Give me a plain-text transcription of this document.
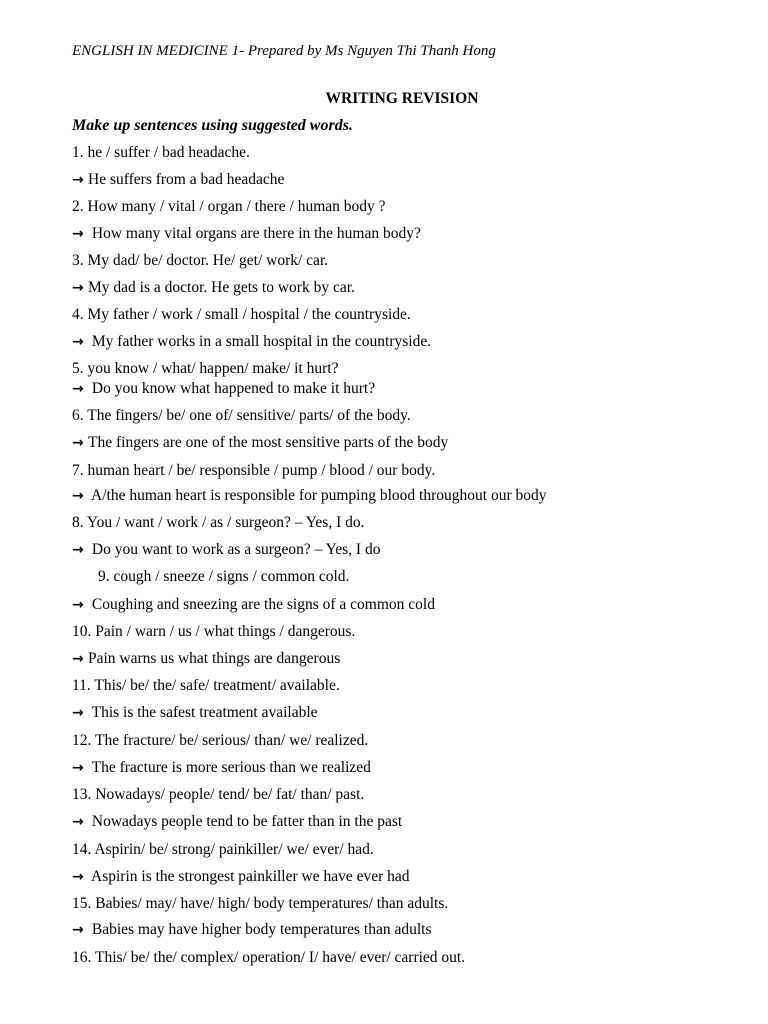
ENGLISH IN MEDICINE 1- Prepared by Ms Nguyen Thi Thanh Hong
WRITING REVISION
Make up sentences using suggested words.
1. he / suffer / bad headache.
→ He suffers from a bad headache
2. How many / vital / organ / there / human body ?
→ How many vital organs are there in the human body?
3. My dad/ be/ doctor. He/ get/ work/ car.
→ My dad is a doctor. He gets to work by car.
4. My father / work / small / hospital / the countryside.
→ My father works in a small hospital in the countryside.
5. you know / what/ happen/ make/ it hurt?
→ Do you know what happened to make it hurt?
6. The fingers/ be/ one of/ sensitive/ parts/ of the body.
→ The fingers are one of the most sensitive parts of the body
7. human heart / be/ responsible / pump / blood / our body.
→ A/the human heart is responsible for pumping blood throughout our body
8. You / want / work / as / surgeon? – Yes, I do.
→ Do you want to work as a surgeon? – Yes, I do
9. cough / sneeze / signs / common cold.
→ Coughing and sneezing are the signs of a common cold
10. Pain / warn / us / what things / dangerous.
→ Pain warns us what things are dangerous
11. This/ be/ the/ safe/ treatment/ available.
→ This is the safest treatment available
12. The fracture/ be/ serious/ than/ we/ realized.
→ The fracture is more serious than we realized
13. Nowadays/ people/ tend/ be/ fat/ than/ past.
→ Nowadays people tend to be fatter than in the past
14. Aspirin/ be/ strong/ painkiller/ we/ ever/ had.
→ Aspirin is the strongest painkiller we have ever had
15. Babies/ may/ have/ high/ body temperatures/ than adults.
→ Babies may have higher body temperatures than adults
16. This/ be/ the/ complex/ operation/ I/ have/ ever/ carried out.
